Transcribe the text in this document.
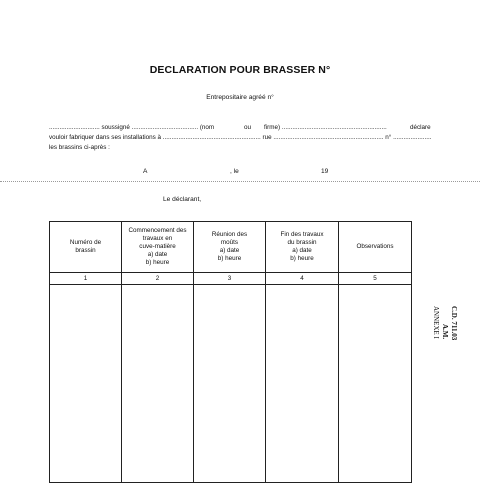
DECLARATION POUR BRASSER N°
Entrepositaire agréé n°
............................. soussigné ...................................... (nom	ou firme) ............................................................	déclare
vouloir fabriquer dans ses installations à ........................................................ rue ............................................................... n° ......................
les brassins ci-après :
A	, le	19
Le déclarant,
Numéro de
brassin	Commencement des
travaux en
cuve-matière
a) date
b) heure	Réunion des
moûts
a) date
b) heure	Fin des travaux
du brassin
a) date
b) heure	Observations

1	2	3	4	5

C.D. 711.03
A.M.
ANNEXE I
